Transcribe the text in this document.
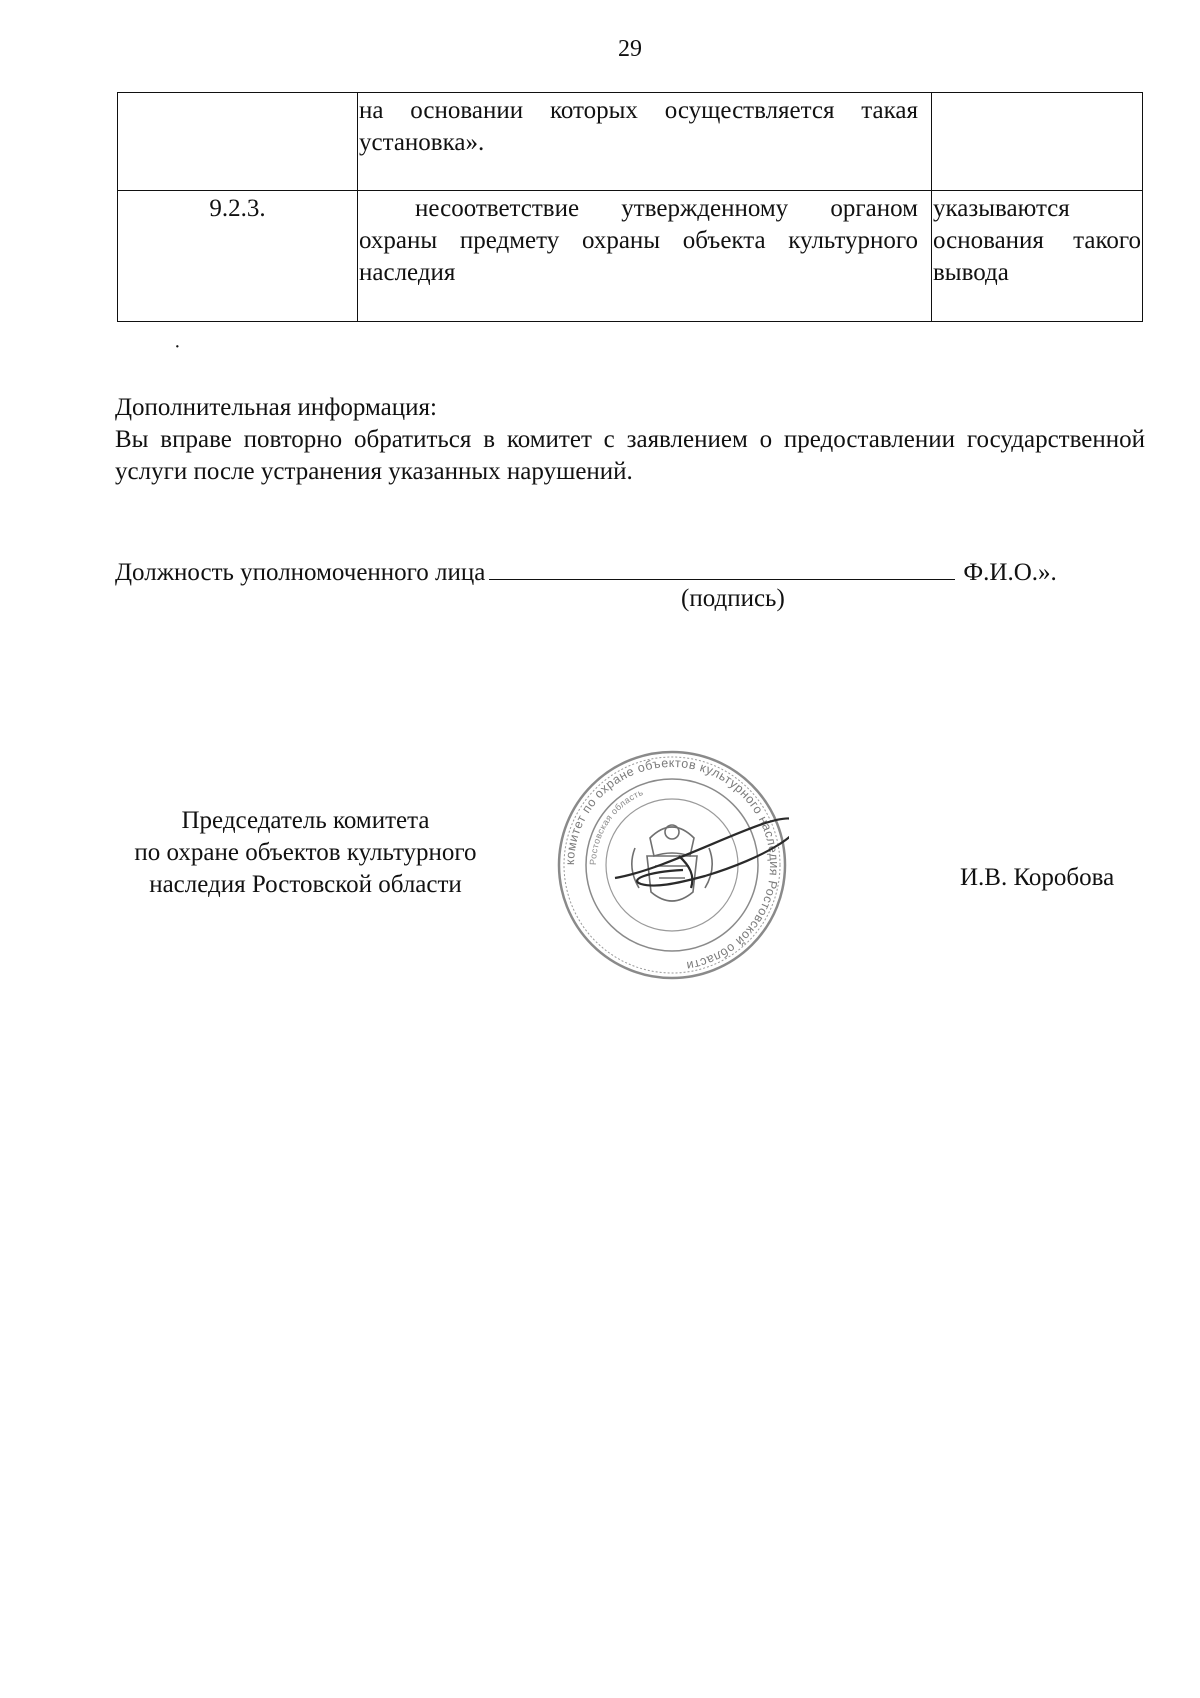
29

	на основании которых осуществляется такая установка».	

9.2.3.	несоответствие утвержденному органом охраны предмету охраны объекта культурного наследия	указываются основания такого вывода
·
Дополнительная информация:
Вы вправе повторно обратиться в комитет с заявлением о предоставлении государственной услуги после устранения указанных нарушений.
Должность уполномоченного лица	Ф.И.О.».
(подпись)
Председатель комитета
по охране объектов культурного
наследия Ростовской области
комитет по охране объектов культурного наследия Ростовской области
Ростовская область
И.В. Коробова
